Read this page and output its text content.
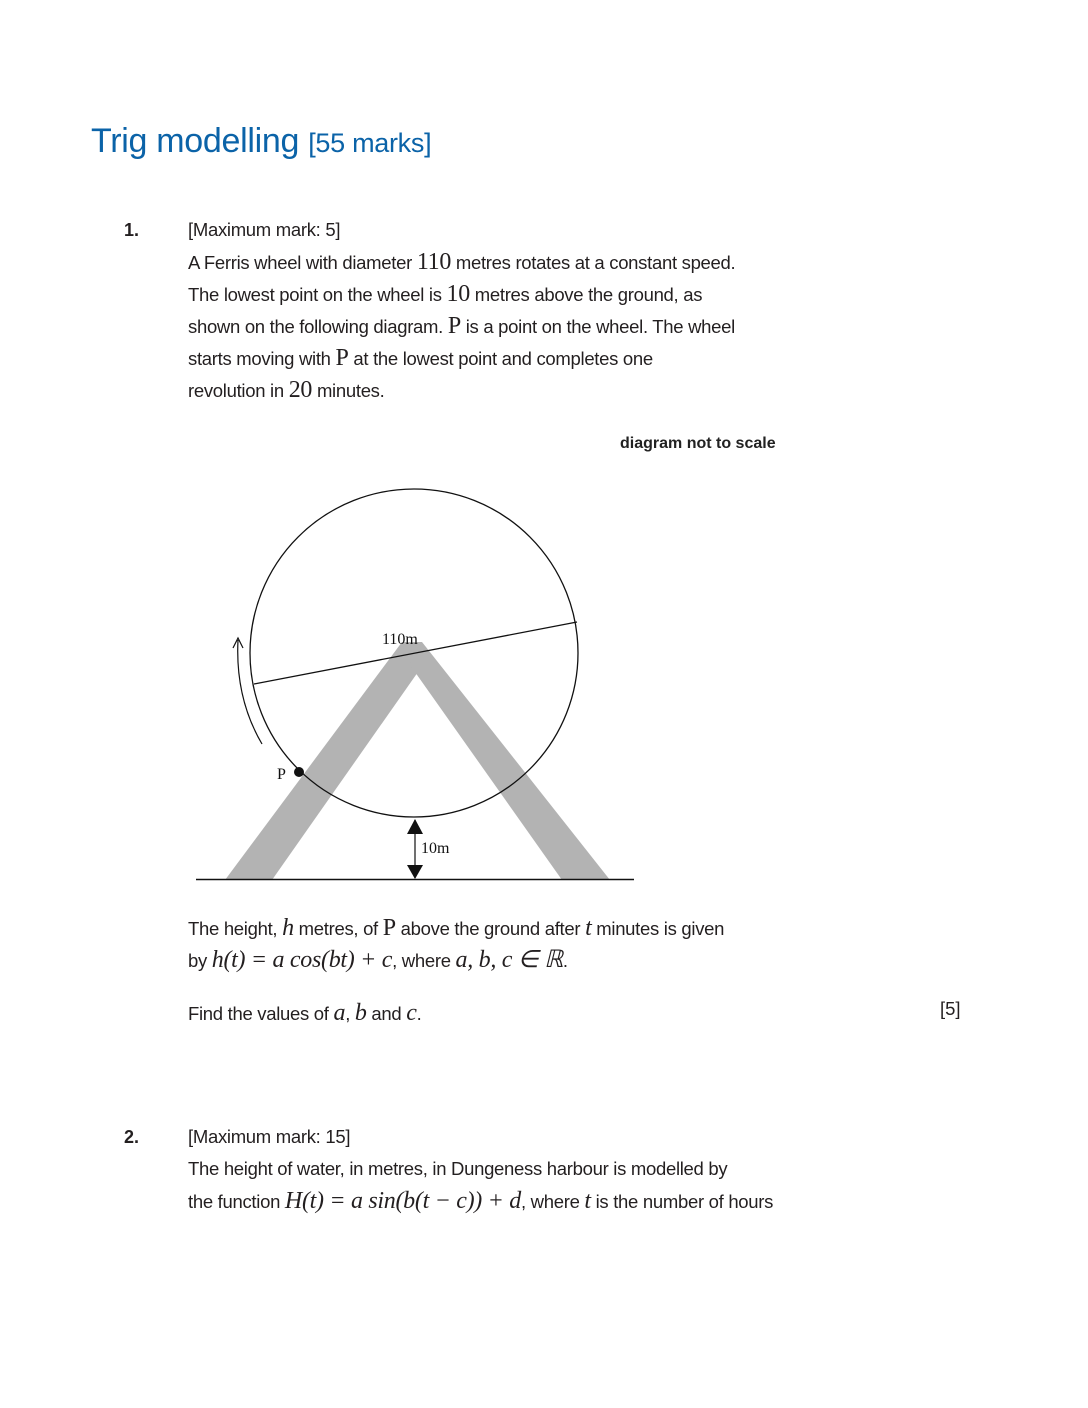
Trig modelling [55 marks]
1.	[Maximum mark: 5]
A Ferris wheel with diameter 110 metres rotates at a constant speed.
The lowest point on the wheel is 10 metres above the ground, as
shown on the following diagram. P is a point on the wheel. The wheel
starts moving with P at the lowest point and completes one
revolution in 20 minutes.
diagram not to scale
110m
P
10m
The height, h metres, of P above the ground after t minutes is given
by h(t) = a cos(bt) + c, where a, b, c ∈ ℝ.
Find the values of a, b and c.	[5]
2.	[Maximum mark: 15]
The height of water, in metres, in Dungeness harbour is modelled by
the function H(t) = a sin(b(t − c)) + d, where t is the number of hours
